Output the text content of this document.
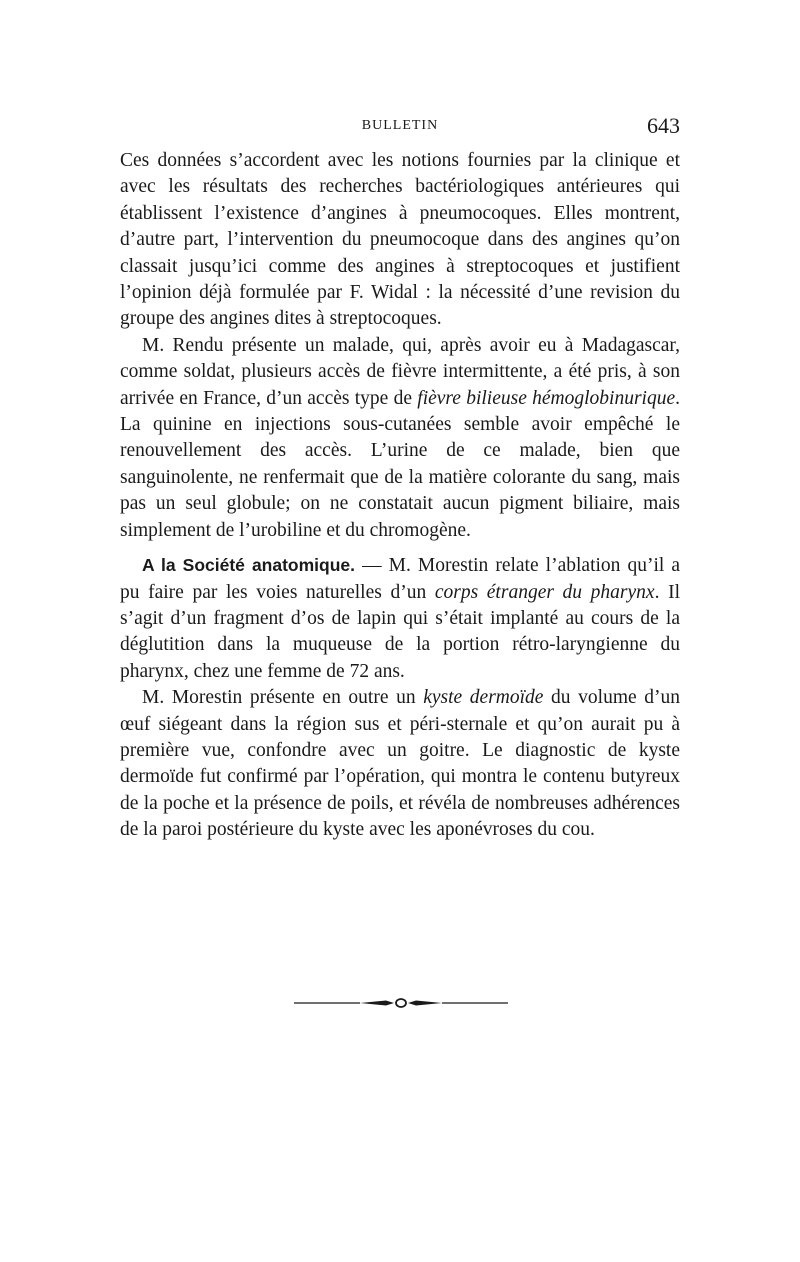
BULLETIN	643

Ces données s’accordent avec les notions fournies par la clinique et avec les résultats des recherches bactériologiques antérieures qui établissent l’existence d’angines à pneumocoques. Elles montrent, d’autre part, l’intervention du pneumocoque dans des angines qu’on classait jusqu’ici comme des angines à streptocoques et justifient l’opinion déjà formulée par F. Widal : la nécessité d’une revision du groupe des angines dites à streptocoques.

M. Rendu présente un malade, qui, après avoir eu à Madagascar, comme soldat, plusieurs accès de fièvre intermittente, a été pris, à son arrivée en France, d’un accès type de fièvre bilieuse hémoglobinurique. La quinine en injections sous-cutanées semble avoir empêché le renouvellement des accès. L’urine de ce malade, bien que sanguinolente, ne renfermait que de la matière colorante du sang, mais pas un seul globule; on ne constatait aucun pigment biliaire, mais simplement de l’urobiline et du chromogène.

A la Société anatomique. — M. Morestin relate l’ablation qu’il a pu faire par les voies naturelles d’un corps étranger du pharynx. Il s’agit d’un fragment d’os de lapin qui s’était implanté au cours de la déglutition dans la muqueuse de la portion rétro-laryngienne du pharynx, chez une femme de 72 ans.

M. Morestin présente en outre un kyste dermoïde du volume d’un œuf siégeant dans la région sus et péri-sternale et qu’on aurait pu à première vue, confondre avec un goitre. Le diagnostic de kyste dermoïde fut confirmé par l’opération, qui montra le contenu butyreux de la poche et la présence de poils, et révéla de nombreuses adhérences de la paroi postérieure du kyste avec les aponévroses du cou.
